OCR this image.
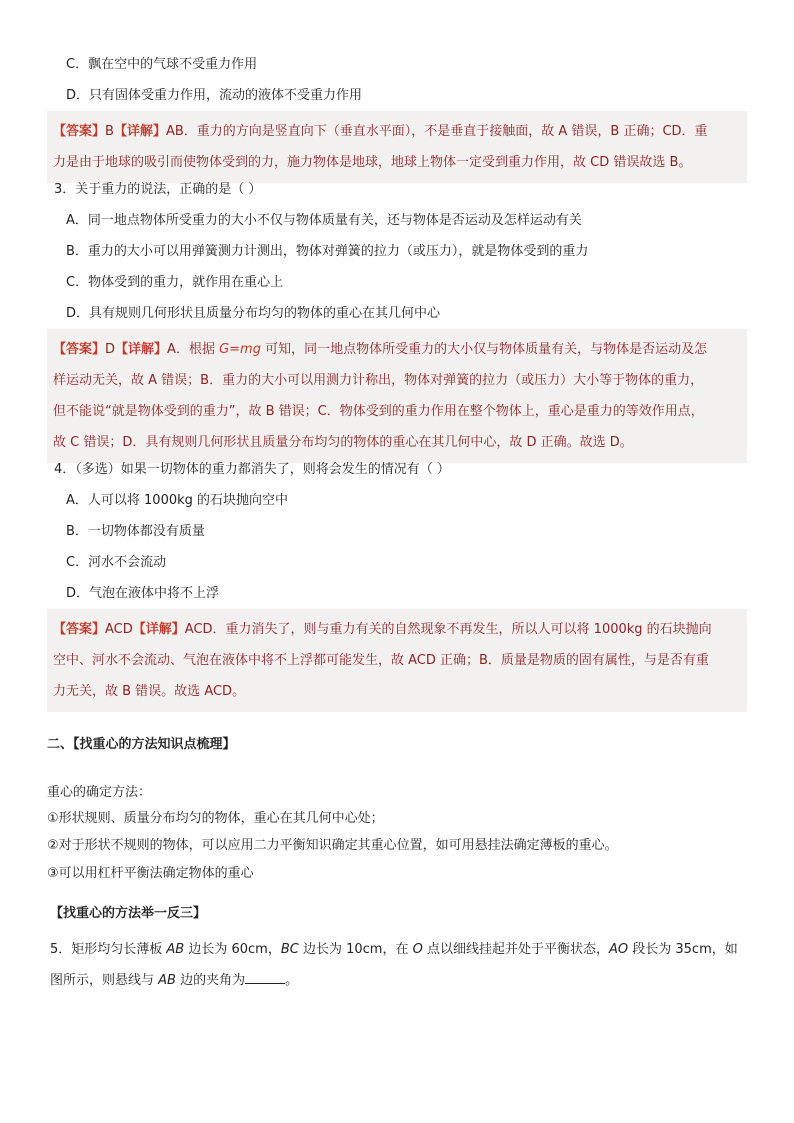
C．飘在空中的气球不受重力作用
D．只有固体受重力作用，流动的液体不受重力作用
【答案】B【详解】AB．重力的方向是竖直向下（垂直水平面），不是垂直于接触面，故 A 错误，B 正确；CD．重
力是由于地球的吸引而使物体受到的力，施力物体是地球，地球上物体一定受到重力作用，故 CD 错误故选 B。
3．关于重力的说法，正确的是（ ）
A．同一地点物体所受重力的大小不仅与物体质量有关，还与物体是否运动及怎样运动有关
B．重力的大小可以用弹簧测力计测出，物体对弹簧的拉力（或压力），就是物体受到的重力
C．物体受到的重力，就作用在重心上
D．具有规则几何形状且质量分布均匀的物体的重心在其几何中心
【答案】D【详解】A．根据 G=mg 可知，同一地点物体所受重力的大小仅与物体质量有关，与物体是否运动及怎
样运动无关，故 A 错误；B．重力的大小可以用测力计称出，物体对弹簧的拉力（或压力）大小等于物体的重力，
但不能说“就是物体受到的重力”，故 B 错误；C．物体受到的重力作用在整个物体上，重心是重力的等效作用点，
故 C 错误；D．具有规则几何形状且质量分布均匀的物体的重心在其几何中心，故 D 正确。故选 D。
4．（多选）如果一切物体的重力都消失了，则将会发生的情况有（ ）
A．人可以将 1000kg 的石块抛向空中
B．一切物体都没有质量
C．河水不会流动
D．气泡在液体中将不上浮
【答案】ACD【详解】ACD．重力消失了，则与重力有关的自然现象不再发生，所以人可以将 1000kg 的石块抛向
空中、河水不会流动、气泡在液体中将不上浮都可能发生，故 ACD 正确；B．质量是物质的固有属性，与是否有重
力无关，故 B 错误。故选 ACD。
二、【找重心的方法知识点梳理】
重心的确定方法：
①形状规则、质量分布均匀的物体，重心在其几何中心处；
②对于形状不规则的物体，可以应用二力平衡知识确定其重心位置，如可用悬挂法确定薄板的重心。
③可以用杠杆平衡法确定物体的重心
【找重心的方法举一反三】
5．矩形均匀长薄板 AB 边长为 60cm，BC 边长为 10cm，在 O 点以细线挂起并处于平衡状态，AO 段长为 35cm，如
图所示，则悬线与 AB 边的夹角为	。
